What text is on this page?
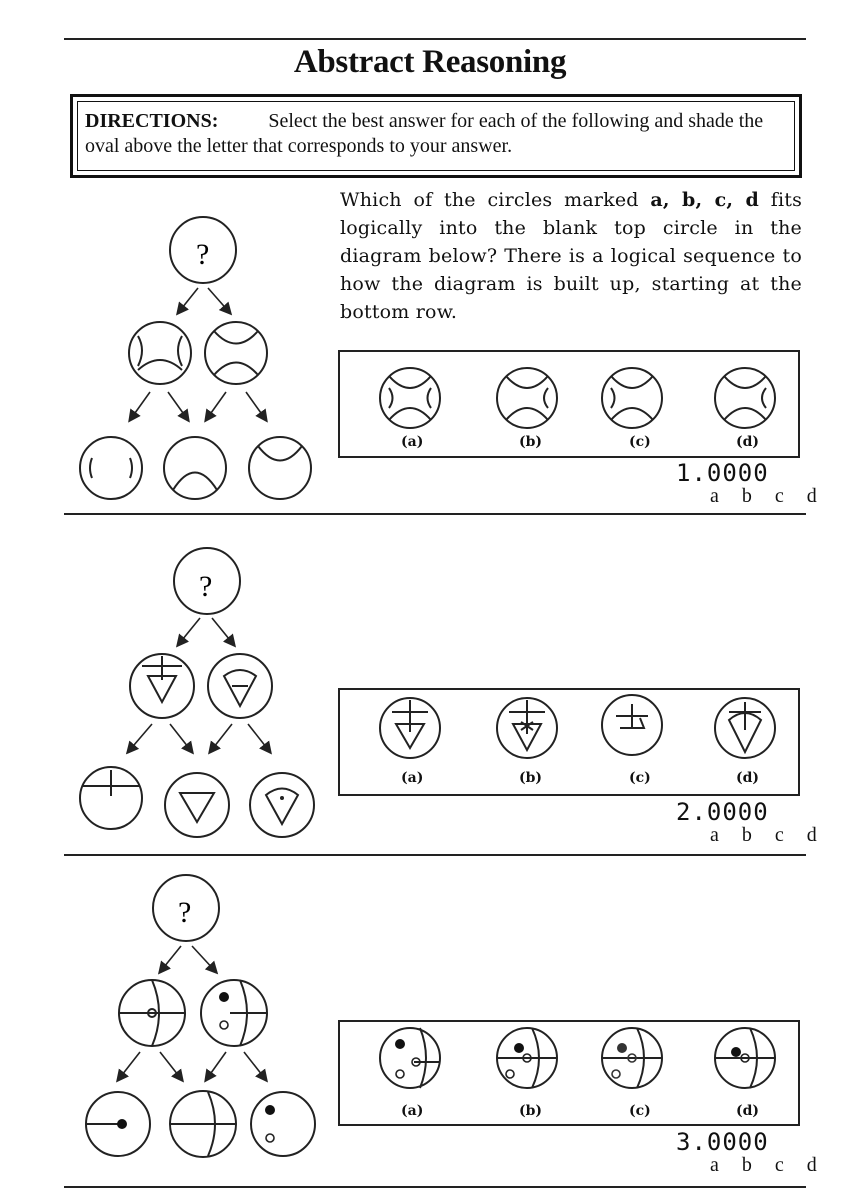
Abstract Reasoning
DIRECTIONS:	Select the best answer for each of the following and shade the oval above the letter that corresponds to your answer.
Which of the circles marked a, b, c, d fits logically into the blank top circle in the diagram below? There is a logical sequence to how the diagram is built up, starting at the bottom row.
(a)	(b)	(c)	(d)
(a)	(b)	(c)	(d)
(a)	(b)	(c)	(d)
1.0000
a b c d
2.0000
a b c d
3.0000
a b c d
?
?
?
